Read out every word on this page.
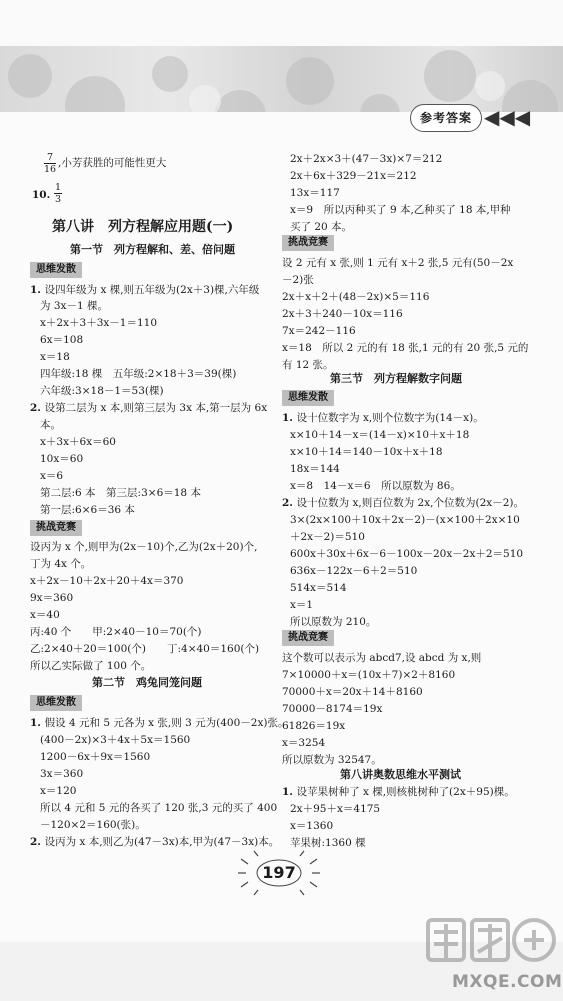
参考答案 ◀◀◀
$\frac{7}{16}$ ,小芳获胜的可能性更大
10. $\frac{1}{3}$
第八讲　列方程解应用题(一)
第一节　列方程解和、差、倍问题
思维发散
1. 设四年级为 x 棵,则五年级为(2x＋3)棵,六年级
为 3x－1 棵。
x＋2x＋3＋3x－1＝110
6x＝108
x＝18
四年级:18 棵　五年级:2×18＋3＝39(棵)
六年级:3×18－1＝53(棵)
2. 设第二层为 x 本,则第三层为 3x 本,第一层为 6x
本。
x＋3x＋6x＝60
10x＝60
x＝6
第二层:6 本　第三层:3×6＝18 本
第一层:6×6＝36 本
挑战竞赛
设丙为 x 个,则甲为(2x－10)个,乙为(2x＋20)个,
丁为 4x 个。
x＋2x－10＋2x＋20＋4x＝370
9x＝360
x＝40
丙:40 个　　甲:2×40－10＝70(个)
乙:2×40＋20＝100(个)　　丁:4×40＝160(个)
所以乙实际做了 100 个。
第二节　鸡兔同笼问题
思维发散
1. 假设 4 元和 5 元各为 x 张,则 3 元为(400－2x)张。
(400－2x)×3＋4x＋5x＝1560
1200－6x＋9x＝1560
3x＝360
x＝120
所以 4 元和 5 元的各买了 120 张,3 元的买了 400
－120×2＝160(张)。
2. 设丙为 x 本,则乙为(47－3x)本,甲为(47－3x)本。
2x＋2x×3＋(47－3x)×7＝212
2x＋6x＋329－21x＝212
13x＝117
x＝9　所以丙种买了 9 本,乙种买了 18 本,甲种
买了 20 本。
挑战竞赛
设 2 元有 x 张,则 1 元有 x＋2 张,5 元有(50－2x
－2)张
2x＋x＋2＋(48－2x)×5＝116
2x＋3＋240－10x＝116
7x＝242－116
x＝18　所以 2 元的有 18 张,1 元的有 20 张,5 元的
有 12 张。
第三节　列方程解数字问题
思维发散
1. 设十位数字为 x,则个位数字为(14－x)。
x×10＋14－x＝(14－x)×10＋x＋18
x×10＋14＝140－10x＋x＋18
18x＝144
x＝8　14－x＝6　所以原数为 86。
2. 设十位数为 x,则百位数为 2x,个位数为(2x－2)。
3×(2x×100＋10x＋2x－2)－(x×100＋2x×10
＋2x－2)＝510
600x＋30x＋6x－6－100x－20x－2x＋2＝510
636x－122x－6＋2＝510
514x＝514
x＝1
所以原数为 210。
挑战竞赛
这个数可以表示为 abcd7,设 abcd 为 x,则
7×10000＋x＝(10x＋7)×2＋8160
70000＋x＝20x＋14＋8160
70000－8174＝19x
61826＝19x
x＝3254
所以原数为 32547。
第八讲奥数思维水平测试
1. 设苹果树种了 x 棵,则核桃树种了(2x＋95)棵。
2x＋95＋x＝4175
x＝1360
苹果树:1360 棵
197
MXQE.COM
